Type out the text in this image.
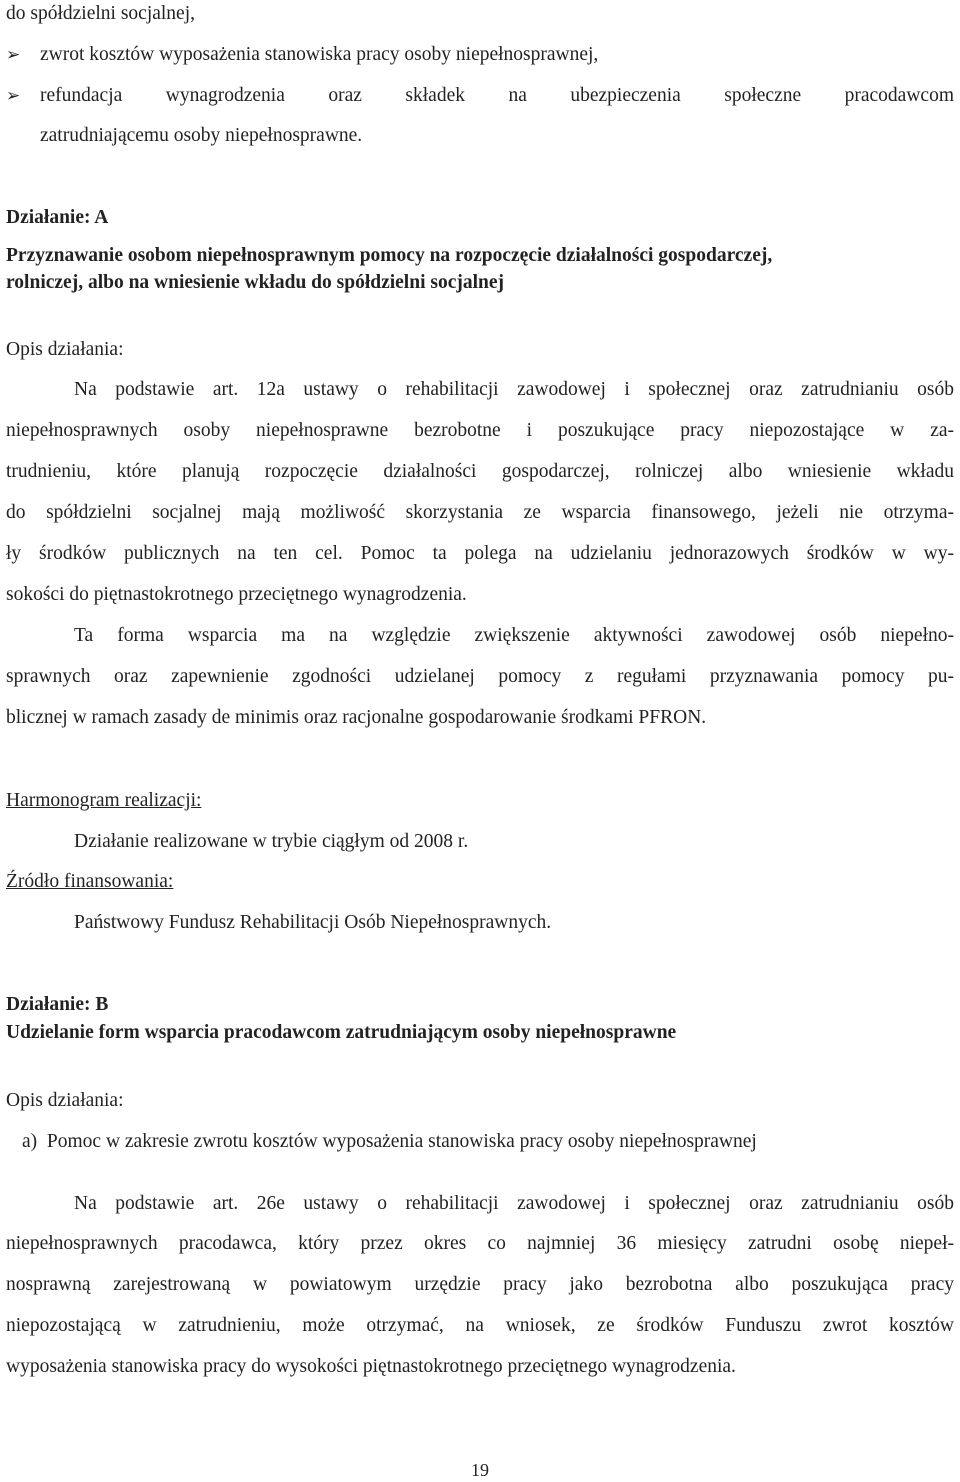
do spółdzielni socjalnej,
➢	zwrot kosztów wyposażenia stanowiska pracy osoby niepełnosprawnej,
➢	refundacja wynagrodzenia oraz składek na ubezpieczenia społeczne pracodawcom
zatrudniającemu osoby niepełnosprawne.
Działanie: A
Przyznawanie osobom niepełnosprawnym pomocy na rozpoczęcie działalności gospodarczej,
rolniczej, albo na wniesienie wkładu do spółdzielni socjalnej
Opis działania:
Na podstawie art. 12a ustawy o rehabilitacji zawodowej i społecznej oraz zatrudnianiu osób
niepełnosprawnych osoby niepełnosprawne bezrobotne i poszukujące pracy niepozostające w za-
trudnieniu, które planują rozpoczęcie działalności gospodarczej, rolniczej albo wniesienie wkładu
do spółdzielni socjalnej mają możliwość skorzystania ze wsparcia finansowego, jeżeli nie otrzyma-
ły środków publicznych na ten cel. Pomoc ta polega na udzielaniu jednorazowych środków w wy-
sokości do piętnastokrotnego przeciętnego wynagrodzenia.
Ta forma wsparcia ma na względzie zwiększenie aktywności zawodowej osób niepełno-
sprawnych oraz zapewnienie zgodności udzielanej pomocy z regułami przyznawania pomocy pu-
blicznej w ramach zasady de minimis oraz racjonalne gospodarowanie środkami PFRON.
Harmonogram realizacji:
Działanie realizowane w trybie ciągłym od 2008 r.
Źródło finansowania:
Państwowy Fundusz Rehabilitacji Osób Niepełnosprawnych.
Działanie: B
Udzielanie form wsparcia pracodawcom zatrudniającym osoby niepełnosprawne
Opis działania:
a) Pomoc w zakresie zwrotu kosztów wyposażenia stanowiska pracy osoby niepełnosprawnej
Na podstawie art. 26e ustawy o rehabilitacji zawodowej i społecznej oraz zatrudnianiu osób
niepełnosprawnych pracodawca, który przez okres co najmniej 36 miesięcy zatrudni osobę niepeł-
nosprawną zarejestrowaną w powiatowym urzędzie pracy jako bezrobotna albo poszukująca pracy
niepozostającą w zatrudnieniu, może otrzymać, na wniosek, ze środków Funduszu zwrot kosztów
wyposażenia stanowiska pracy do wysokości piętnastokrotnego przeciętnego wynagrodzenia.
19
